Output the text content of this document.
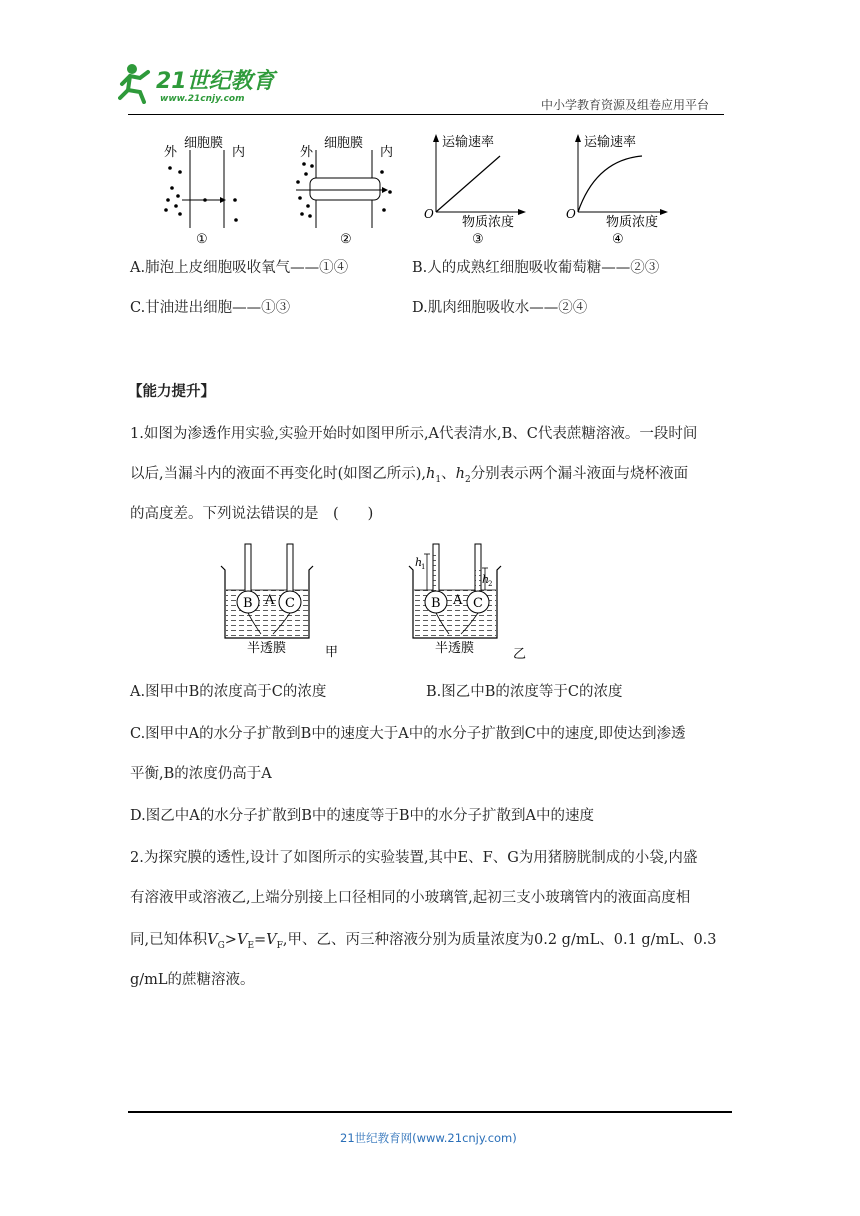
21世纪教育
www.21cnjy.com	中小学教育资源及组卷应用平台
细胞膜
外	内
①
细胞膜
外	内
②
运输速率
物质浓度
O
③
运输速率
物质浓度
O
④
A.肺泡上皮细胞吸收氧气——①④	B.人的成熟红细胞吸收葡萄糖——②③
C.甘油进出细胞——①③	D.肌肉细胞吸收水——②④
【能力提升】
1.如图为渗透作用实验,实验开始时如图甲所示,A代表清水,B、C代表蔗糖溶液。一段时间
以后,当漏斗内的液面不再变化时(如图乙所示)$,h_1$、$h_2$分别表示两个漏斗液面与烧杯液面
的高度差。下列说法错误的是　(　　)
B C
A
半透膜	甲
B C
A
h
1
h
2
半透膜	乙
A.图甲中B的浓度高于C的浓度	B.图乙中B的浓度等于C的浓度
C.图甲中A的水分子扩散到B中的速度大于A中的水分子扩散到C中的速度,即使达到渗透
平衡,B的浓度仍高于A
D.图乙中A的水分子扩散到B中的速度等于B中的水分子扩散到A中的速度
2.为探究膜的透性,设计了如图所示的实验装置,其中E、F、G为用猪膀胱制成的小袋,内盛
有溶液甲或溶液乙,上端分别接上口径相同的小玻璃管,起初三支小玻璃管内的液面高度相
同,已知体积$V_G>V_E=V_F$,甲、乙、丙三种溶液分别为质量浓度为0.2 g/mL、0.1 g/mL、0.3
g/mL的蔗糖溶液。
21世纪教育网(www.21cnjy.com)
